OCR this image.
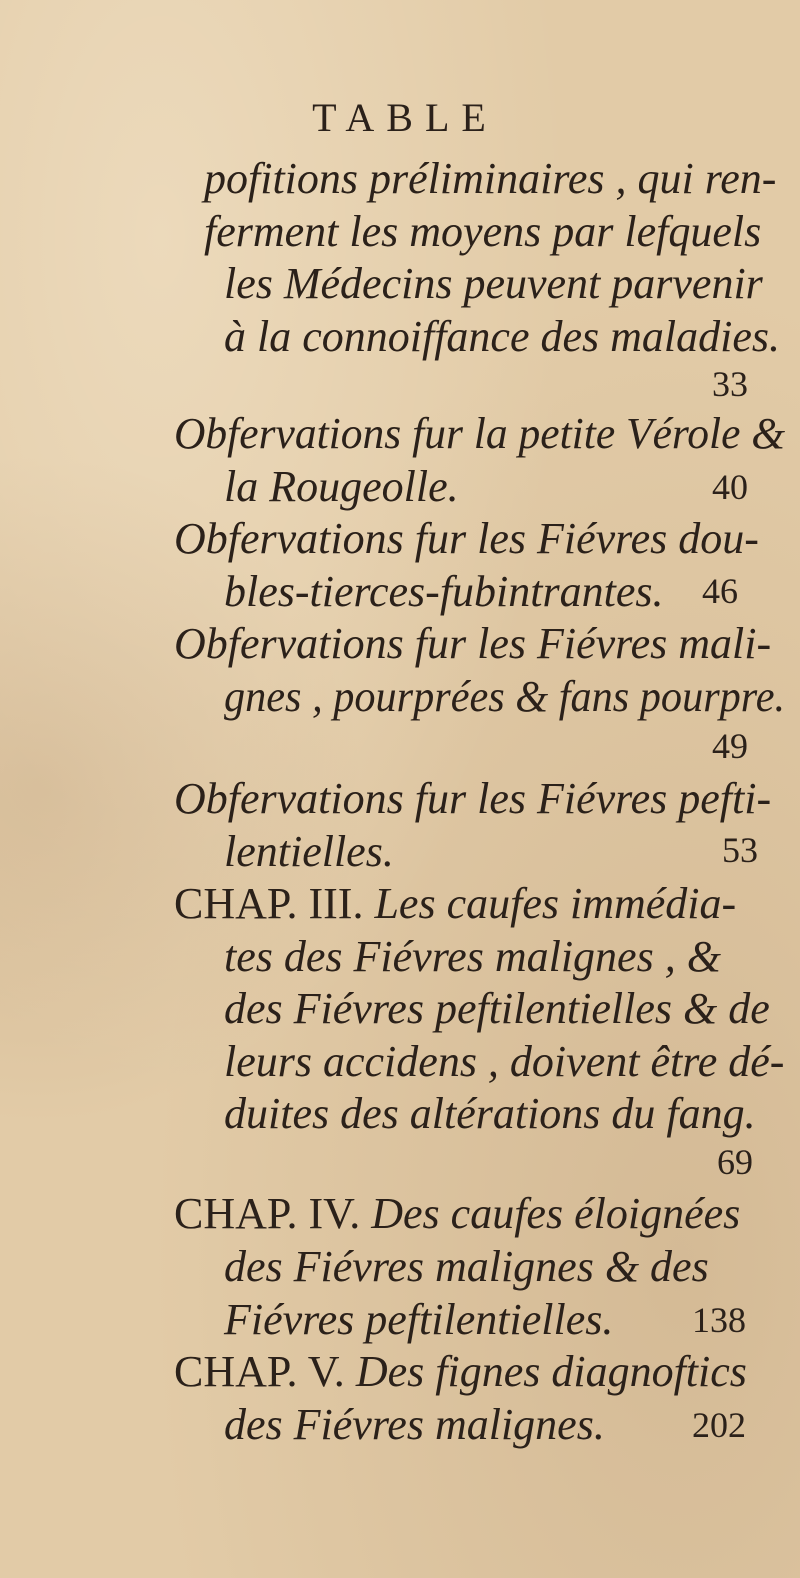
TABLE
pofitions préliminaires , qui ren-
ferment les moyens par lefquels
les Médecins peuvent parvenir
à la connoiffance des maladies.
33
Obfervations fur la petite Vérole &
la Rougeolle.	40
Obfervations fur les Fiévres dou-
bles-tierces-fubintrantes. 46
Obfervations fur les Fiévres mali-
gnes , pourprées & fans pourpre.
49
Obfervations fur les Fiévres pefti-
lentielles.	53
CHAP. III. Les caufes immédia-
tes des Fiévres malignes , &
des Fiévres peftilentielles & de
leurs accidens , doivent être dé-
duites des altérations du fang.
69
CHAP. IV. Des caufes éloignées
des Fiévres malignes & des
Fiévres peftilentielles. 138
CHAP. V. Des fignes diagnoftics
des Fiévres malignes. 202
